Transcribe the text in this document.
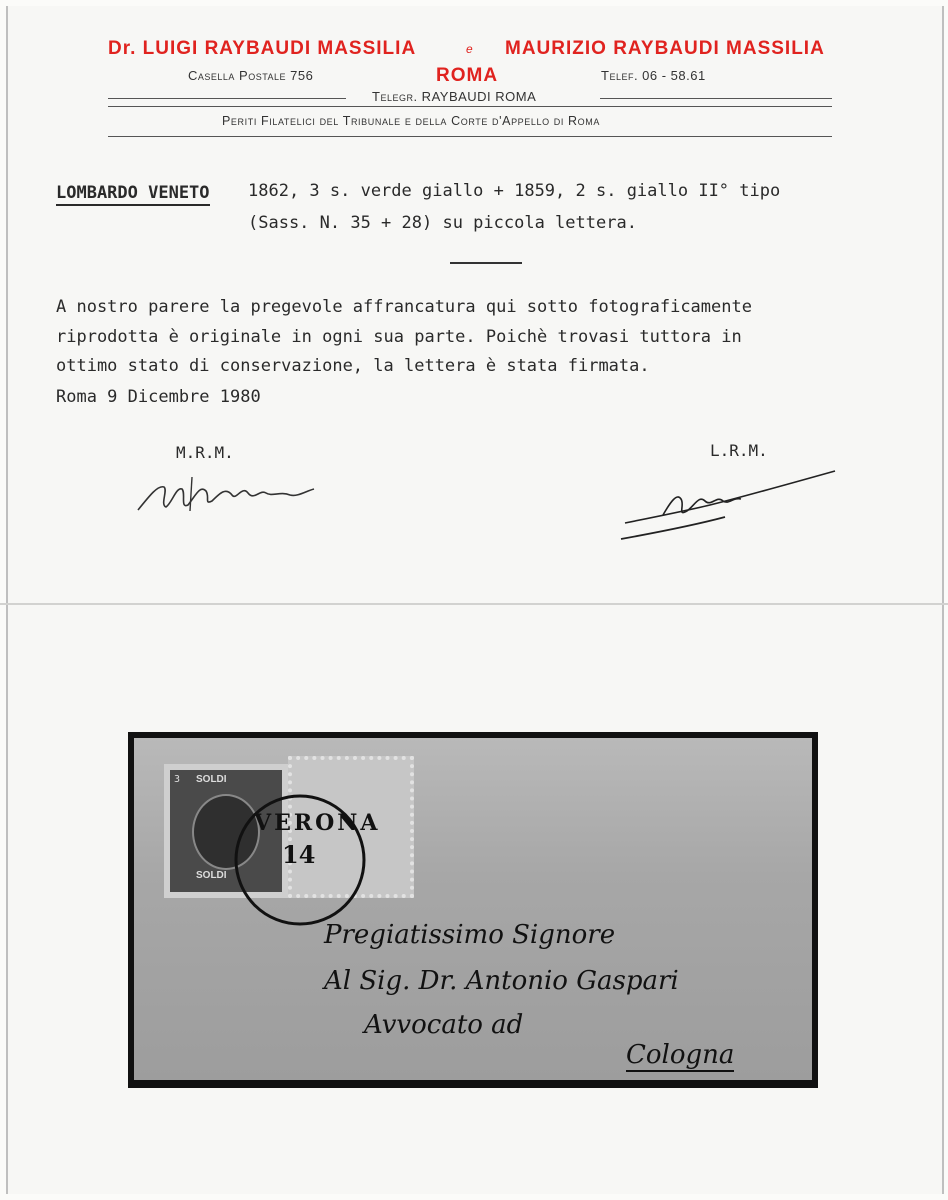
Dr. LUIGI RAYBAUDI MASSILIA	e MAURIZIO RAYBAUDI MASSILIA
Casella Postale 756	ROMA	Telef. 06 - 58.61
Telegr. RAYBAUDI ROMA
Periti Filatelici del Tribunale e della Corte d'Appello di Roma
LOMBARDO VENETO 1862, 3 s. verde giallo + 1859, 2 s. giallo II° tipo
(Sass. N. 35 + 28) su piccola lettera.
A nostro parere la pregevole affrancatura qui sotto fotograficamente
riprodotta è originale in ogni sua parte. Poichè trovasi tuttora in
ottimo stato di conservazione, la lettera è stata firmata.
Roma 9 Dicembre 1980
M.R.M.	L.R.M.
SOLDI
3
SOLDI
VERONA
14
Pregiatissimo Signore
Al Sig. Dr. Antonio Gaspari
Avvocato ad
Cologna
